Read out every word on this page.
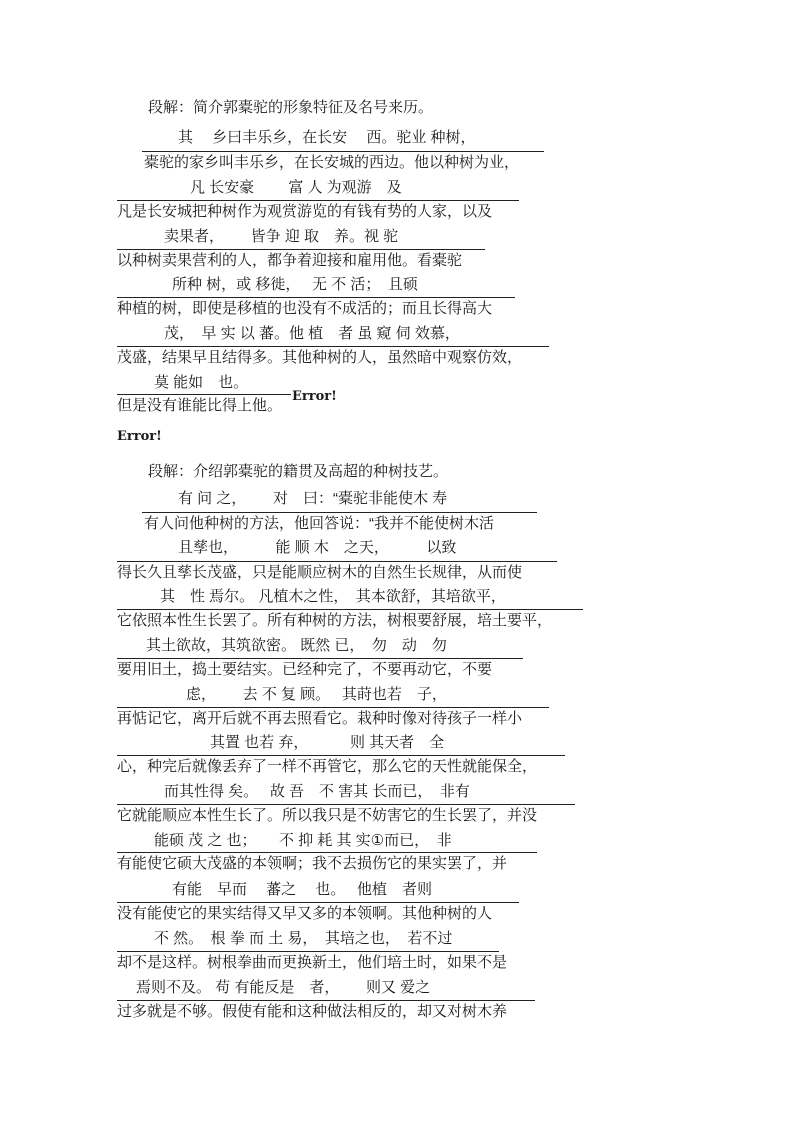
段解：简介郭橐驼的形象特征及名号来历。
其　 乡曰丰乐乡，在长安　 西。驼业 种树，
橐驼的家乡叫丰乐乡，在长安城的西边。他以种树为业，
凡 长安豪　　 富 人 为观游　及
凡是长安城把种树作为观赏游览的有钱有势的人家，以及
卖果者，　　 皆争 迎 取　养。视 驼
以种树卖果营利的人，都争着迎接和雇用他。看橐驼
所种 树，或 移徙，　 无 不 活；　且硕
种植的树，即使是移植的也没有不成活的；而且长得高大
茂，　早 实 以 蕃。他 植　者 虽 窥 伺 效慕，
茂盛，结果早且结得多。其他种树的人，虽然暗中观察仿效，
莫 能如　也。
但是没有谁能比得上他。
Error!
Error!
段解：介绍郭橐驼的籍贯及高超的种树技艺。
有 问 之，　　 对　曰：“橐驼非能使木 寿
有人问他种树的方法，他回答说：“我并不能使树木活
且孳也，　　　能 顺 木　之天，　　　以致
得长久且孳长茂盛，只是能顺应树木的自然生长规律，从而使
其　性 焉尔。 凡植木之性，　其本欲舒，其培欲平，
它依照本性生长罢了。所有种树的方法，树根要舒展，培土要平，
其土欲故，其筑欲密。 既然 已，　勿　动　勿
要用旧土，捣土要结实。已经种完了，不要再动它，不要
虑，　　 去 不 复 顾。　 其莳也若　子，
再惦记它，离开后就不再去照看它。栽种时像对待孩子一样小
其置 也若 弃，　　　 则 其天者　全
心，种完后就像丢弃了一样不再管它，那么它的天性就能保全，
而其性得 矣。　 故 吾　不 害其 长而已，　非有
它就能顺应本性生长了。所以我只是不妨害它的生长罢了，并没
能硕 茂 之 也；　　不 抑 耗 其 实①而已，　非
有能使它硕大茂盛的本领啊；我不去损伤它的果实罢了，并
有能　早而　 蕃之　 也。　 他植　者则
没有能使它的果实结得又早又多的本领啊。其他种树的人
不 然。　根 拳 而 土 易，　其培之也，　若不过
却不是这样。树根拳曲而更换新土，他们培土时，如果不是
焉则不及。 苟 有能反是　者，　　 则又 爱之
过多就是不够。假使有能和这种做法相反的，却又对树木养
